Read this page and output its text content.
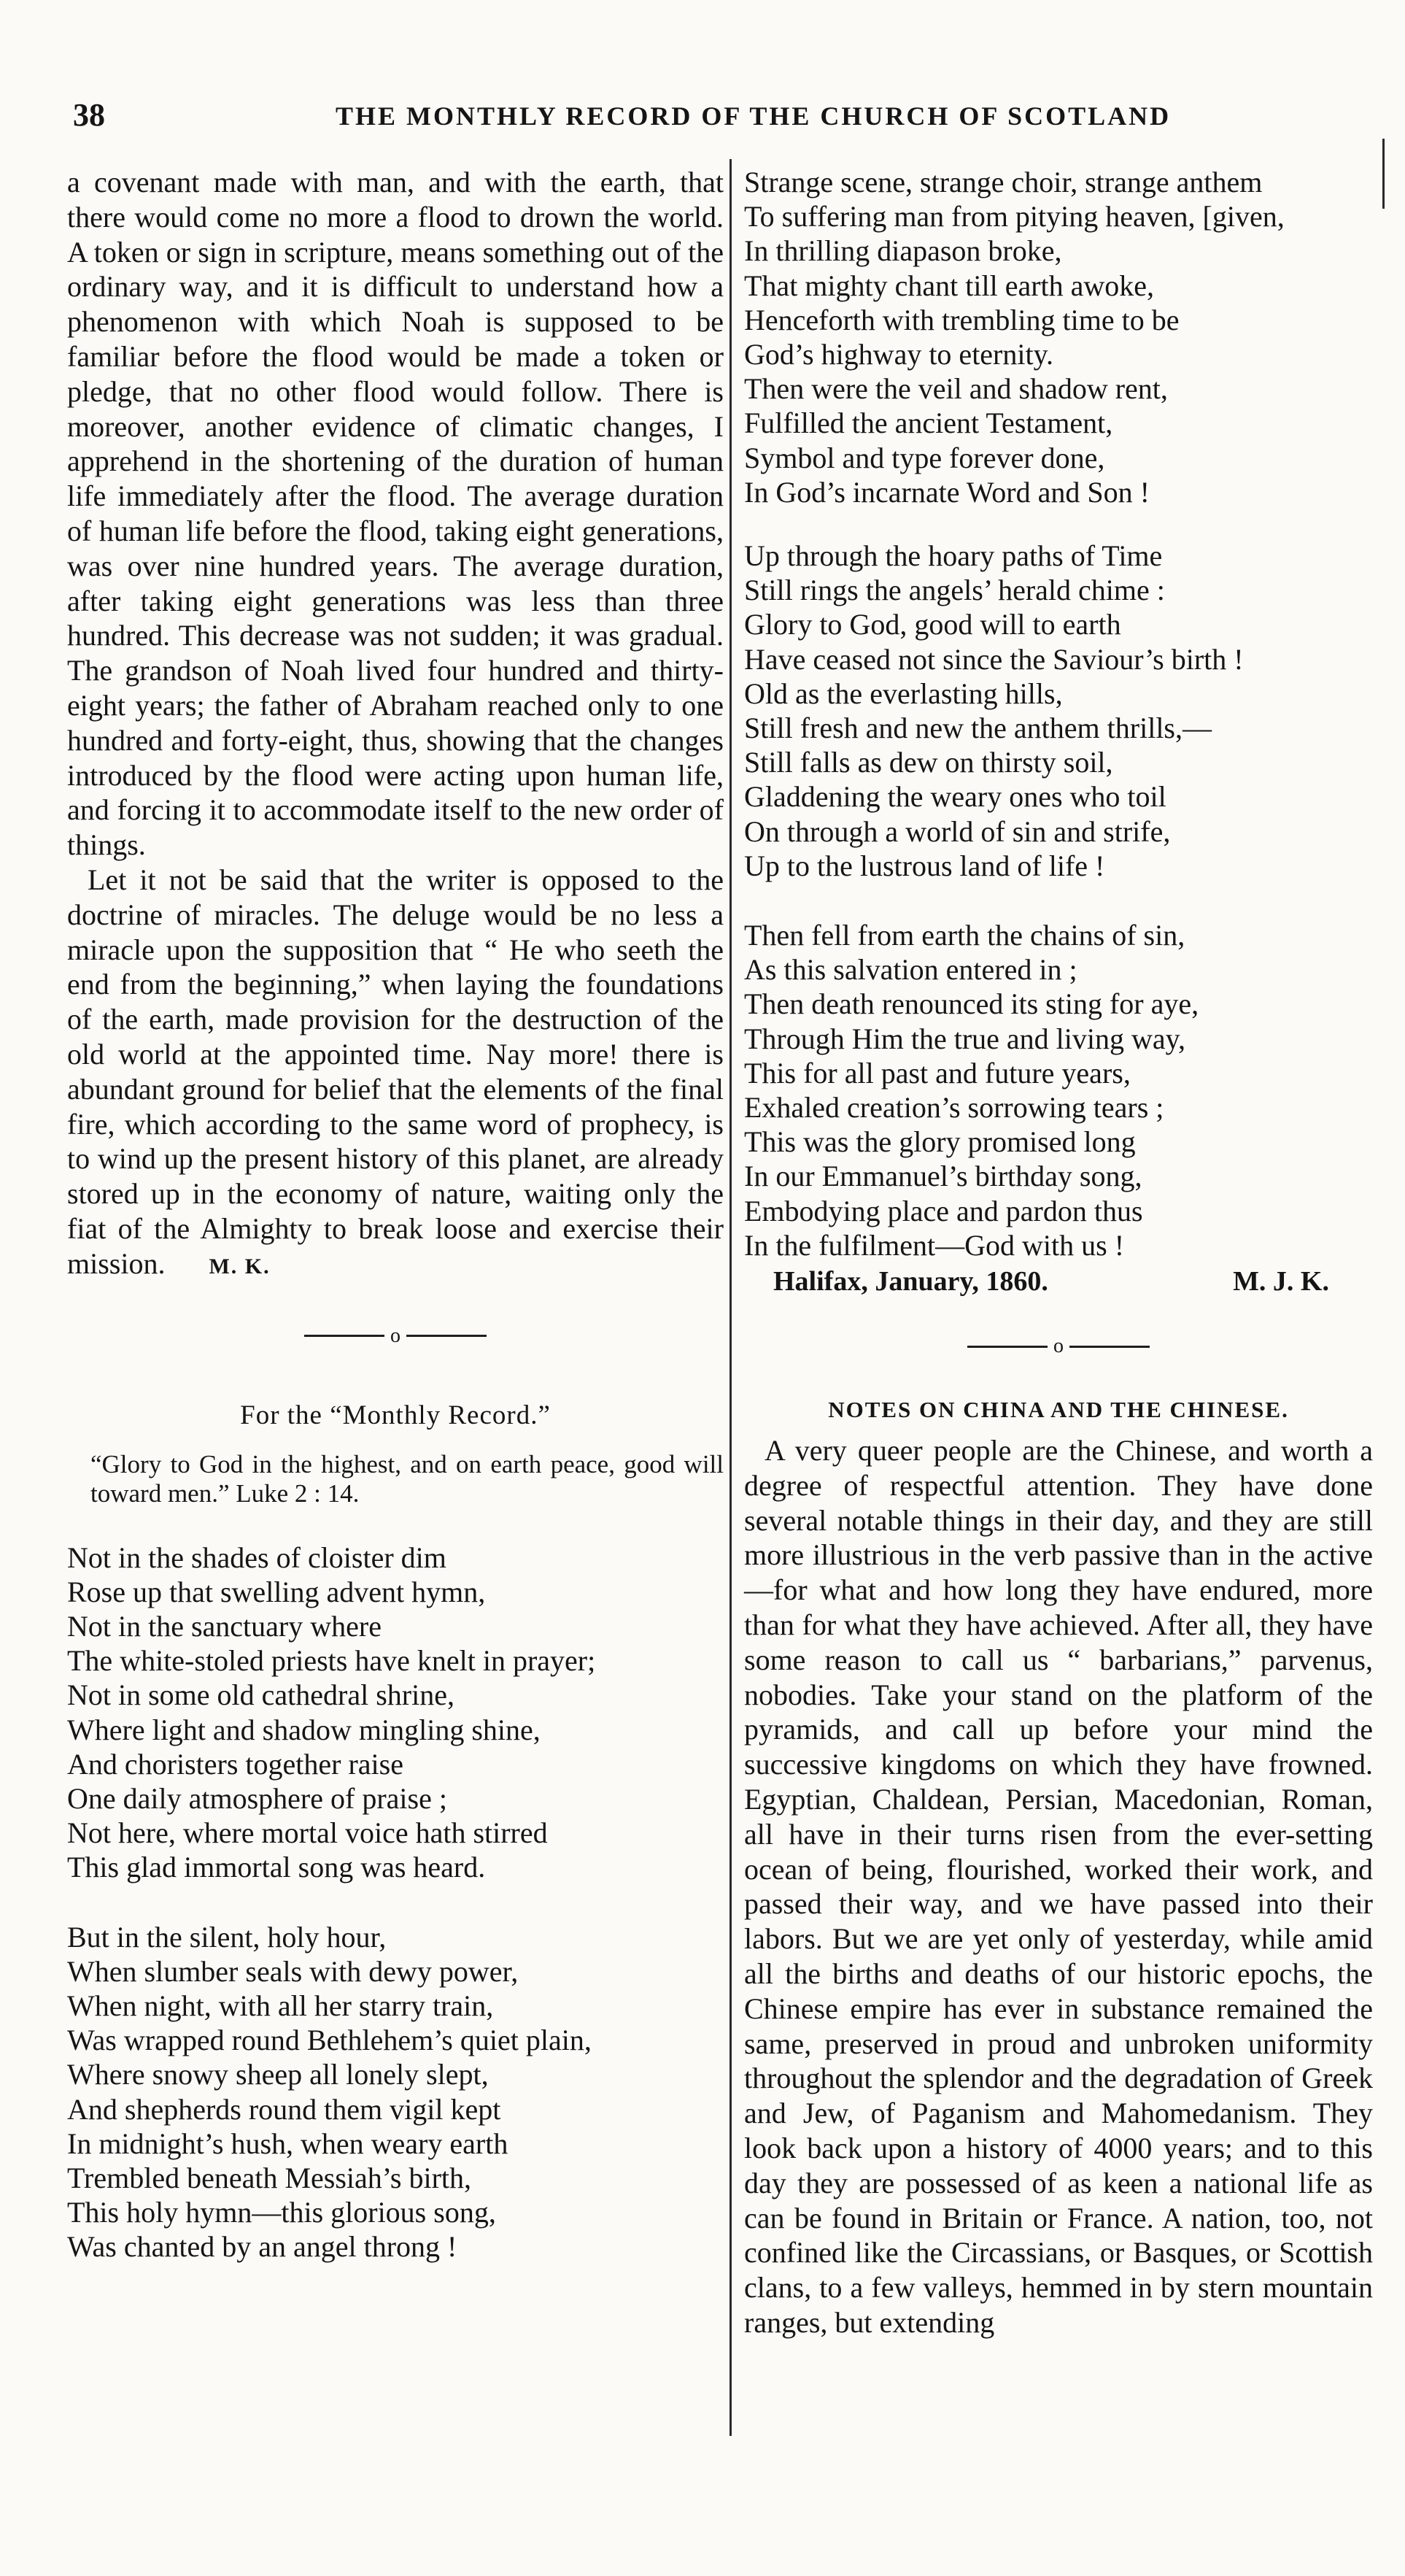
38	THE MONTHLY RECORD OF THE CHURCH OF SCOTLAND

a covenant made with man, and with the earth, that there would come no more a flood to drown the world. A token or sign in scripture, means something out of the ordinary way, and it is difficult to understand how a phenomenon with which Noah is supposed to be familiar before the flood would be made a token or pledge, that no other flood would follow. There is moreover, another evidence of climatic changes, I apprehend in the shortening of the duration of human life immediately after the flood. The average duration of human life before the flood, taking eight generations, was over nine hundred years. The average duration, after taking eight generations was less than three hundred. This decrease was not sudden; it was gradual. The grandson of Noah lived four hundred and thirty-eight years; the father of Abraham reached only to one hundred and forty-eight, thus, showing that the changes introduced by the flood were acting upon human life, and forcing it to accommodate itself to the new order of things.

Let it not be said that the writer is opposed to the doctrine of miracles. The deluge would be no less a miracle upon the supposition that “ He who seeth the end from the beginning,” when laying the foundations of the earth, made provision for the destruction of the old world at the appointed time. Nay more! there is abundant ground for belief that the elements of the final fire, which according to the same word of prophecy, is to wind up the present history of this planet, are already stored up in the economy of nature, waiting only the fiat of the Almighty to break loose and exercise their mission. M. K.

o

For the “Monthly Record.”

“Glory to God in the highest, and on earth peace, good will toward men.” Luke 2 : 14.

Not in the shades of cloister dim
Rose up that swelling advent hymn,
Not in the sanctuary where
The white-stoled priests have knelt in prayer;
Not in some old cathedral shrine,
Where light and shadow mingling shine,
And choristers together raise
One daily atmosphere of praise ;
Not here, where mortal voice hath stirred
This glad immortal song was heard.
But in the silent, holy hour,
When slumber seals with dewy power,
When night, with all her starry train,
Was wrapped round Bethlehem’s quiet plain,
Where snowy sheep all lonely slept,
And shepherds round them vigil kept
In midnight’s hush, when weary earth
Trembled beneath Messiah’s birth,
This holy hymn—this glorious song,
Was chanted by an angel throng !
Strange scene, strange choir, strange anthem
To suffering man from pitying heaven, [given,
In thrilling diapason broke,
That mighty chant till earth awoke,
Henceforth with trembling time to be
God’s highway to eternity.
Then were the veil and shadow rent,
Fulfilled the ancient Testament,
Symbol and type forever done,
In God’s incarnate Word and Son !
Up through the hoary paths of Time
Still rings the angels’ herald chime :
Glory to God, good will to earth
Have ceased not since the Saviour’s birth !
Old as the everlasting hills,
Still fresh and new the anthem thrills,—
Still falls as dew on thirsty soil,
Gladdening the weary ones who toil
On through a world of sin and strife,
Up to the lustrous land of life !
Then fell from earth the chains of sin,
As this salvation entered in ;
Then death renounced its sting for aye,
Through Him the true and living way,
This for all past and future years,
Exhaled creation’s sorrowing tears ;
This was the glory promised long
In our Emmanuel’s birthday song,
Embodying place and pardon thus
In the fulfilment—God with us !
Halifax, January, 1860.	M. J. K.
o

NOTES ON CHINA AND THE CHINESE.

A very queer people are the Chinese, and worth a degree of respectful attention. They have done several notable things in their day, and they are still more illustrious in the verb passive than in the active—for what and how long they have endured, more than for what they have achieved. After all, they have some reason to call us “ barbarians,” parvenus, nobodies. Take your stand on the platform of the pyramids, and call up before your mind the successive kingdoms on which they have frowned. Egyptian, Chaldean, Persian, Macedonian, Roman, all have in their turns risen from the ever-setting ocean of being, flourished, worked their work, and passed their way, and we have passed into their labors. But we are yet only of yesterday, while amid all the births and deaths of our historic epochs, the Chinese empire has ever in substance remained the same, preserved in proud and unbroken uniformity throughout the splendor and the degradation of Greek and Jew, of Paganism and Mahomedanism. They look back upon a history of 4000 years; and to this day they are possessed of as keen a national life as can be found in Britain or France. A nation, too, not confined like the Circassians, or Basques, or Scottish clans, to a few valleys, hemmed in by stern mountain ranges, but extending
